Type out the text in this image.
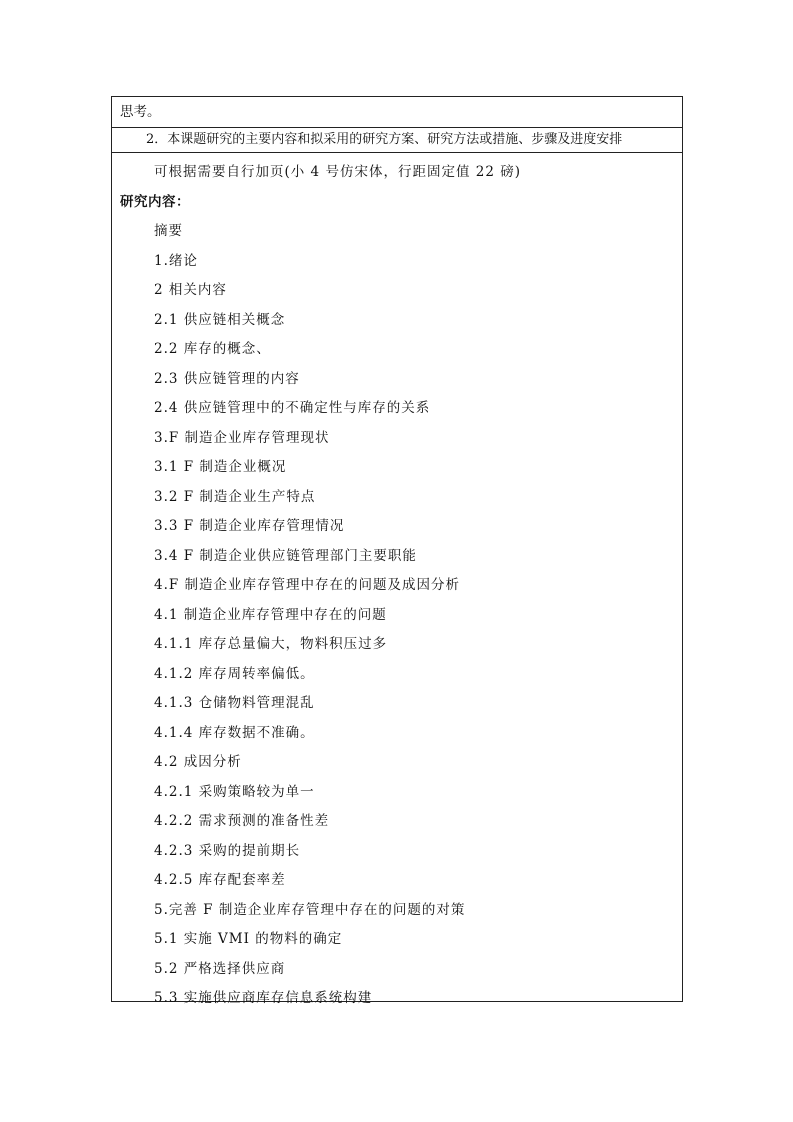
思考。
2．本课题研究的主要内容和拟采用的研究方案、研究方法或措施、步骤及进度安排
可根据需要自行加页(小 4 号仿宋体，行距固定值 22 磅)
研究内容：
摘要
1.绪论
2 相关内容
2.1 供应链相关概念
2.2 库存的概念、
2.3 供应链管理的内容
2.4 供应链管理中的不确定性与库存的关系
3.F 制造企业库存管理现状
3.1 F 制造企业概况
3.2 F 制造企业生产特点
3.3 F 制造企业库存管理情况
3.4 F 制造企业供应链管理部门主要职能
4.F 制造企业库存管理中存在的问题及成因分析
4.1 制造企业库存管理中存在的问题
4.1.1 库存总量偏大，物料积压过多
4.1.2 库存周转率偏低。
4.1.3 仓储物料管理混乱
4.1.4 库存数据不准确。
4.2 成因分析
4.2.1 采购策略较为单一
4.2.2 需求预测的准备性差
4.2.3 采购的提前期长
4.2.5 库存配套率差
5.完善 F 制造企业库存管理中存在的问题的对策
5.1 实施 VMI 的物料的确定
5.2 严格选择供应商
5.3 实施供应商库存信息系统构建
